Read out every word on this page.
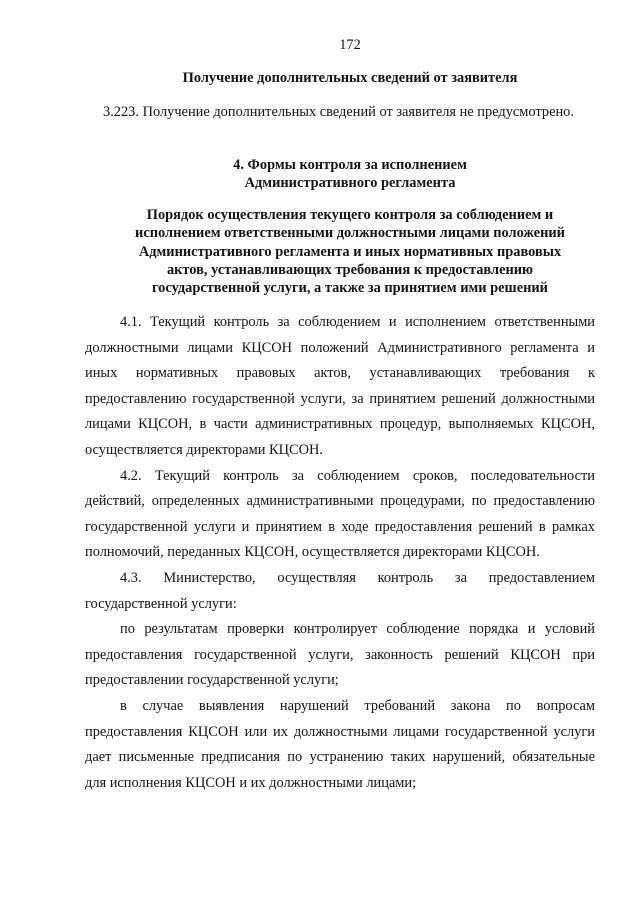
172
Получение дополнительных сведений от заявителя
3.223. Получение дополнительных сведений от заявителя не предусмотрено.
4. Формы контроля за исполнением
Административного регламента
Порядок осуществления текущего контроля за соблюдением и
исполнением ответственными должностными лицами положений
Административного регламента и иных нормативных правовых
актов, устанавливающих требования к предоставлению
государственной услуги, а также за принятием ими решений
4.1. Текущий контроль за соблюдением и исполнением ответственными
должностными лицами КЦСОН положений Административного регламента и
иных нормативных правовых актов, устанавливающих требования к
предоставлению государственной услуги, за принятием решений должностными
лицами КЦСОН, в части административных процедур, выполняемых КЦСОН,
осуществляется директорами КЦСОН.
4.2. Текущий контроль за соблюдением сроков, последовательности
действий, определенных административными процедурами, по предоставлению
государственной услуги и принятием в ходе предоставления решений в рамках
полномочий, переданных КЦСОН, осуществляется директорами КЦСОН.
4.3. Министерство, осуществляя контроль за предоставлением
государственной услуги:
по результатам проверки контролирует соблюдение порядка и условий
предоставления государственной услуги, законность решений КЦСОН при
предоставлении государственной услуги;
в случае выявления нарушений требований закона по вопросам
предоставления КЦСОН или их должностными лицами государственной услуги
дает письменные предписания по устранению таких нарушений, обязательные
для исполнения КЦСОН и их должностными лицами;
